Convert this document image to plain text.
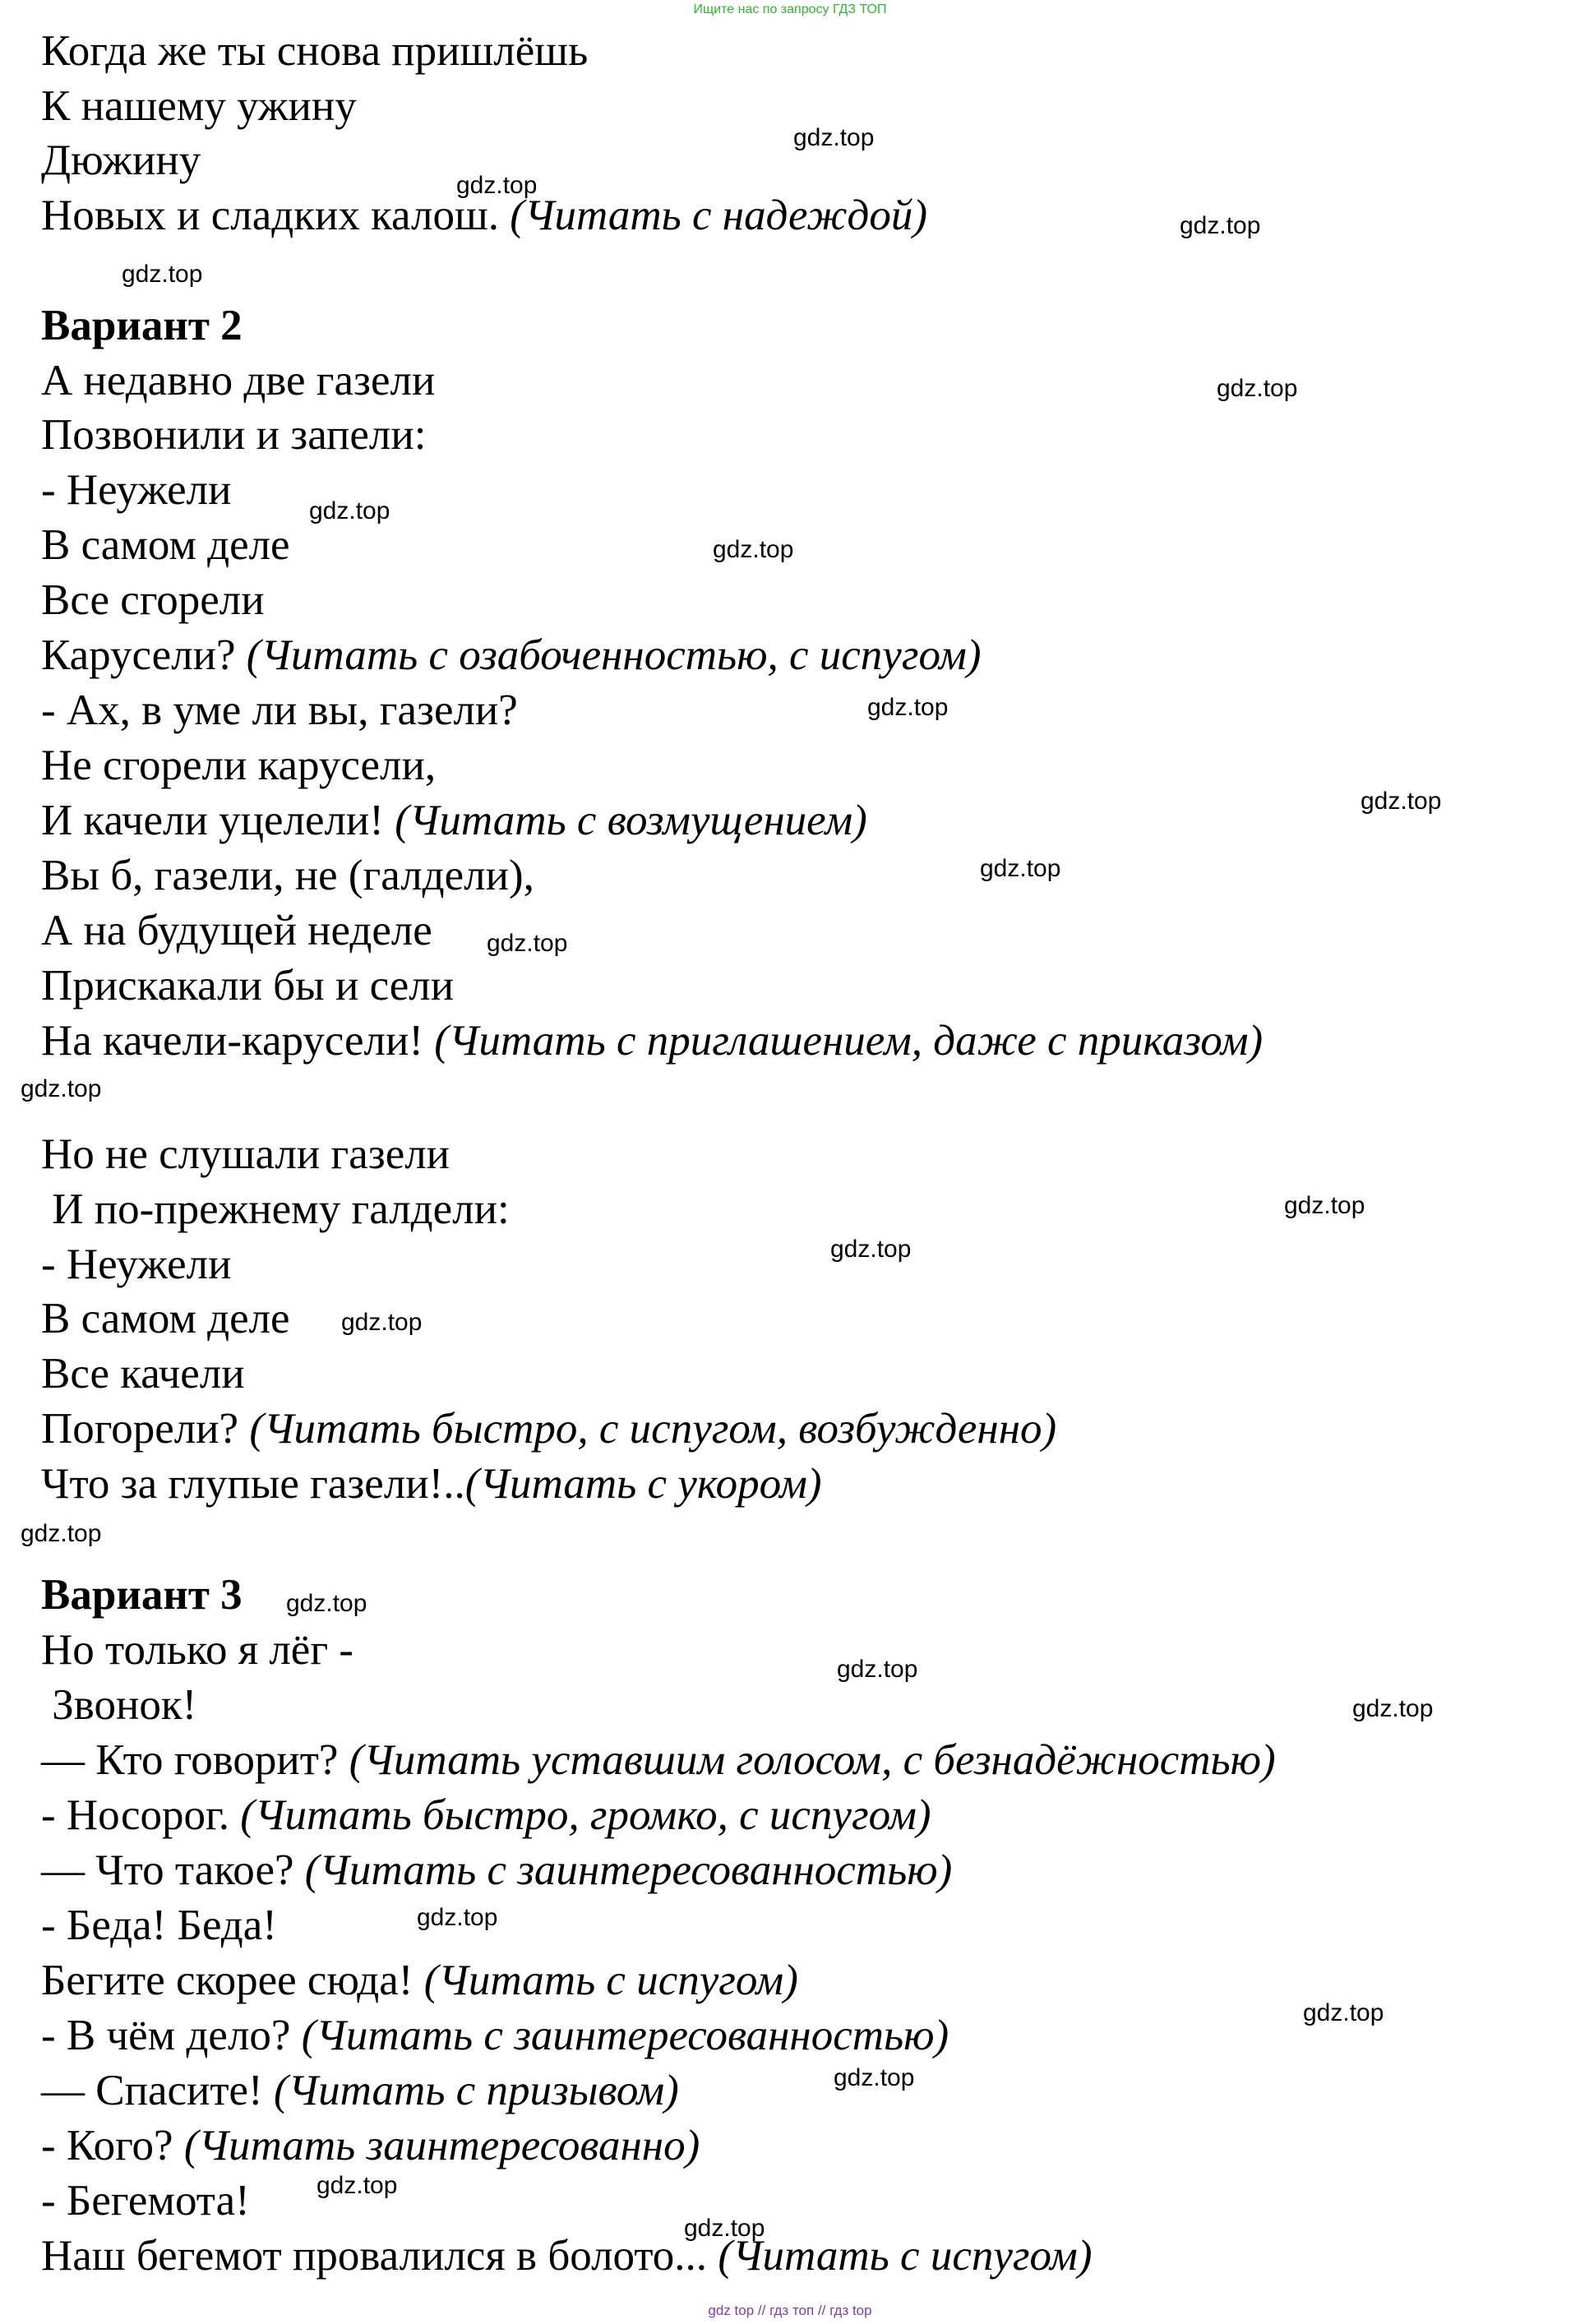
Ищите нас по запросу ГДЗ ТОП
Когда же ты снова пришлёшь
К нашему ужину
Дюжину
Новых и сладких калош. (Читать с надеждой)
Вариант 2
А недавно две газели
Позвонили и запели:
- Неужели
В самом деле
Все сгорели
Карусели? (Читать с озабоченностью, с испугом)
- Ах, в уме ли вы, газели?
Не сгорели карусели,
И качели уцелели! (Читать с возмущением)
Вы б, газели, не (галдели),
А на будущей неделе
Прискакали бы и сели
На качели-карусели! (Читать с приглашением, даже с приказом)
Но не слушали газели
И по-прежнему галдели:
- Неужели
В самом деле
Все качели
Погорели? (Читать быстро, с испугом, возбужденно)
Что за глупые газели!..(Читать с укором)
Вариант 3
Но только я лёг -
Звонок!
— Кто говорит? (Читать уставшим голосом, с безнадёжностью)
- Носорог. (Читать быстро, громко, с испугом)
— Что такое? (Читать с заинтересованностью)
- Беда! Беда!
Бегите скорее сюда! (Читать с испугом)
- В чём дело? (Читать с заинтересованностью)
— Спасите! (Читать с призывом)
- Кого? (Читать заинтересованно)
- Бегемота!
Наш бегемот провалился в болото... (Читать с испугом)
gdz.top
gdz.top
gdz.top
gdz.top
gdz.top
gdz.top
gdz.top
gdz.top
gdz.top
gdz.top
gdz.top
gdz.top
gdz.top
gdz.top
gdz.top
gdz.top
gdz.top
gdz.top
gdz.top
gdz.top
gdz.top
gdz.top
gdz.top
gdz.top
gdz top // гдз топ // гдз top
